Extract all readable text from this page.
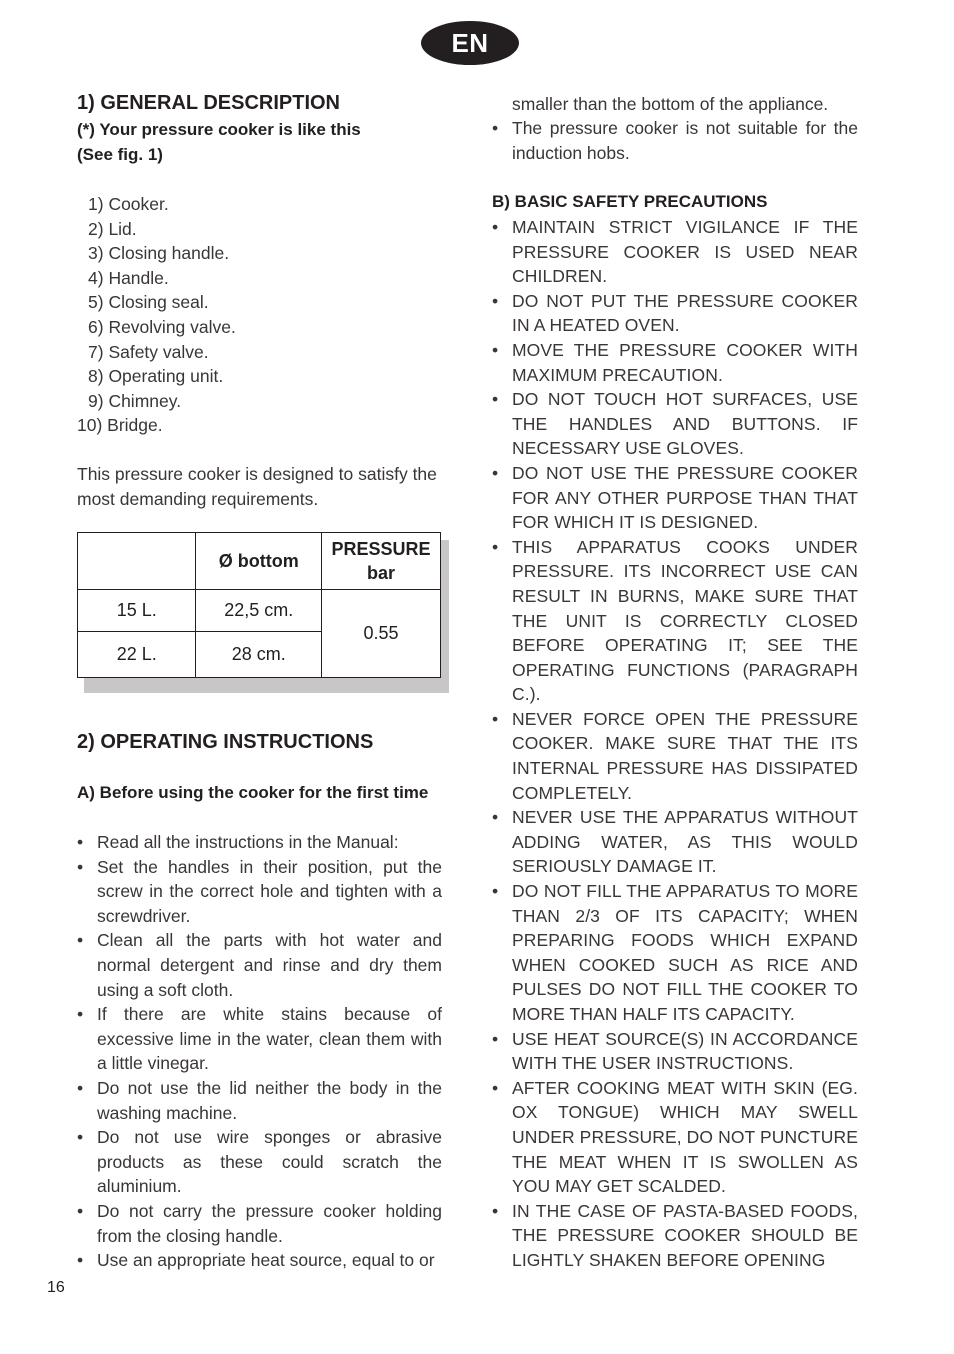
EN
1) GENERAL DESCRIPTION
(*) Your pressure cooker is like this
(See fig. 1)
1) Cooker.
2) Lid.
3) Closing handle.
4) Handle.
5) Closing seal.
6) Revolving valve.
7) Safety valve.
8) Operating unit.
9) Chimney.
10) Bridge.
This pressure cooker is designed to satisfy the most demanding requirements.
	Ø bottom	PRESSURE
bar
15 L.	22,5 cm.	0.55
22 L.	28 cm.	
2) OPERATING INSTRUCTIONS
A) Before using the cooker for the first time
• Read all the instructions in the Manual:
• Set the handles in their position, put the screw in the correct hole and tighten with a screwdriver.
• Clean all the parts with hot water and normal detergent and rinse and dry them using a soft cloth.
• If there are white stains because of excessive lime in the water, clean them with a little vinegar.
• Do not use the lid neither the body in the washing machine.
• Do not use wire sponges or abrasive products as these could scratch the aluminium.
• Do not carry the pressure cooker holding from the closing handle.
• Use an appropriate heat source, equal to or
smaller than the bottom of the appliance.
• The pressure cooker is not suitable for the induction hobs.
B) BASIC SAFETY PRECAUTIONS
• MAINTAIN STRICT VIGILANCE IF THE PRESSURE COOKER IS USED NEAR CHILDREN.
• DO NOT PUT THE PRESSURE COOKER IN A HEATED OVEN.
• MOVE THE PRESSURE COOKER WITH MAXIMUM PRECAUTION.
• DO NOT TOUCH HOT SURFACES, USE THE HANDLES AND BUTTONS. IF NECESSARY USE GLOVES.
• DO NOT USE THE PRESSURE COOKER FOR ANY OTHER PURPOSE THAN THAT FOR WHICH IT IS DESIGNED.
• THIS APPARATUS COOKS UNDER PRESSURE. ITS INCORRECT USE CAN RESULT IN BURNS, MAKE SURE THAT THE UNIT IS CORRECTLY CLOSED BEFORE OPERATING IT; SEE THE OPERATING FUNCTIONS (PARAGRAPH C.).
• NEVER FORCE OPEN THE PRESSURE COOKER. MAKE SURE THAT THE ITS INTERNAL PRESSURE HAS DISSIPATED COMPLETELY.
• NEVER USE THE APPARATUS WITHOUT ADDING WATER, AS THIS WOULD SERIOUSLY DAMAGE IT.
• DO NOT FILL THE APPARATUS TO MORE THAN 2/3 OF ITS CAPACITY; WHEN PREPARING FOODS WHICH EXPAND WHEN COOKED SUCH AS RICE AND PULSES DO NOT FILL THE COOKER TO MORE THAN HALF ITS CAPACITY.
• USE HEAT SOURCE(S) IN ACCORDANCE WITH THE USER INSTRUCTIONS.
• AFTER COOKING MEAT WITH SKIN (EG. OX TONGUE) WHICH MAY SWELL UNDER PRESSURE, DO NOT PUNCTURE THE MEAT WHEN IT IS SWOLLEN AS YOU MAY GET SCALDED.
• IN THE CASE OF PASTA-BASED FOODS, THE PRESSURE COOKER SHOULD BE LIGHTLY SHAKEN BEFORE OPENING
16
